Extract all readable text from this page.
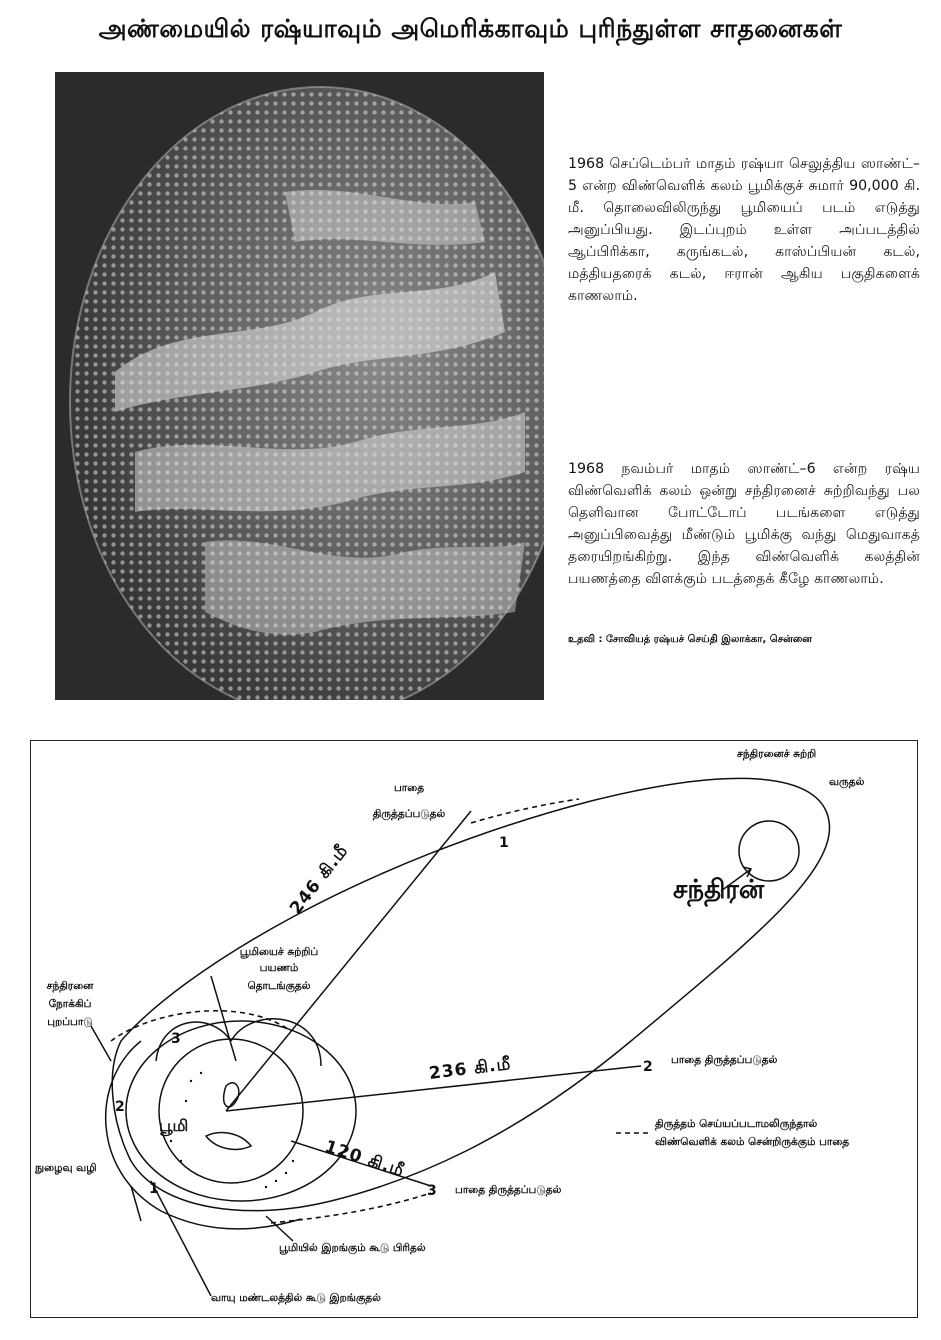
அண்மையில் ரஷ்யாவும் அமெரிக்காவும் புரிந்துள்ள சாதனைகள்
1968 செப்டெம்பர் மாதம் ரஷ்யா செலுத்திய ஸாண்ட்–5 என்ற விண்வெளிக் கலம் பூமிக்குச் சுமார் 90,000 கி. மீ. தொலைவிலிருந்து பூமியைப் படம் எடுத்து அனுப்பியது. இடப்புறம் உள்ள அப்படத்தில் ஆப்பிரிக்கா, கருங்கடல், காஸ்ப்பியன் கடல், மத்தியதரைக் கடல், ஈரான் ஆகிய பகுதிகளைக் காணலாம்.
1968 நவம்பர் மாதம் ஸாண்ட்–6 என்ற ரஷ்ய விண்வெளிக் கலம் ஒன்று சந்திரனைச் சுற்றிவந்து பல தெளிவான போட்டோப் படங்களை எடுத்து அனுப்பிவைத்து மீண்டும் பூமிக்கு வந்து மெதுவாகத் தரையிறங்கிற்று. இந்த விண்வெளிக் கலத்தின் பயணத்தை விளக்கும் படத்தைக் கீழே காணலாம்.
உதவி : சோவியத் ரஷ்யச் செய்தி இலாக்கா, சென்னை
சந்திரனைச் சுற்றி
வருதல்
பாதை
திருத்தப்படுதல்
1
சந்திரன்
246 கி.மீ
236 கி.மீ
120 கி.மீ
பூமியைச் சுற்றிப்
பயணம்
தொடங்குதல்
சந்திரனை
நோக்கிப்
புறப்பாடு
3
2 பாதை திருத்தப்படுதல்
திருத்தம் செய்யப்படாமலிருந்தால்
விண்வெளிக் கலம் சென்றிருக்கும் பாதை
2
பூமி
நுழைவு வழி
1	3 பாதை திருத்தப்படுதல்
பூமியில் இறங்கும் கூடு பிரிதல்
வாயு மண்டலத்தில் கூடு இறங்குதல்
